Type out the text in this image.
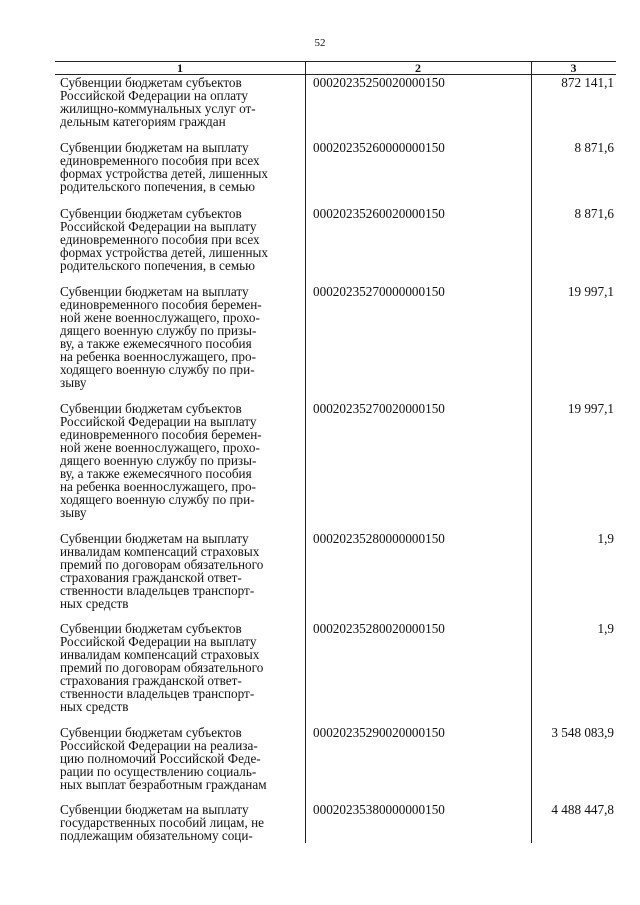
52
1	2	3
Субвенции бюджетам субъектов
Российской Федерации на оплату
жилищно-коммунальных услуг от-
дельным категориям граждан
00020235250020000150	872 141,1
Субвенции бюджетам на выплату
единовременного пособия при всех
формах устройства детей, лишенных
родительского попечения, в семью
00020235260000000150	8 871,6
Субвенции бюджетам субъектов
Российской Федерации на выплату
единовременного пособия при всех
формах устройства детей, лишенных
родительского попечения, в семью
00020235260020000150	8 871,6
Субвенции бюджетам на выплату
единовременного пособия беремен-
ной жене военнослужащего, прохо-
дящего военную службу по призы-
ву, а также ежемесячного пособия
на ребенка военнослужащего, про-
ходящего военную службу по при-
зыву
00020235270000000150	19 997,1
Субвенции бюджетам субъектов
Российской Федерации на выплату
единовременного пособия беремен-
ной жене военнослужащего, прохо-
дящего военную службу по призы-
ву, а также ежемесячного пособия
на ребенка военнослужащего, про-
ходящего военную службу по при-
зыву
00020235270020000150	19 997,1
Субвенции бюджетам на выплату
инвалидам компенсаций страховых
премий по договорам обязательного
страхования гражданской ответ-
ственности владельцев транспорт-
ных средств
00020235280000000150	1,9
Субвенции бюджетам субъектов
Российской Федерации на выплату
инвалидам компенсаций страховых
премий по договорам обязательного
страхования гражданской ответ-
ственности владельцев транспорт-
ных средств
00020235280020000150	1,9
Субвенции бюджетам субъектов
Российской Федерации на реализа-
цию полномочий Российской Феде-
рации по осуществлению социаль-
ных выплат безработным гражданам
00020235290020000150	3 548 083,9
Субвенции бюджетам на выплату
государственных пособий лицам, не
подлежащим обязательному соци-
00020235380000000150	4 488 447,8
